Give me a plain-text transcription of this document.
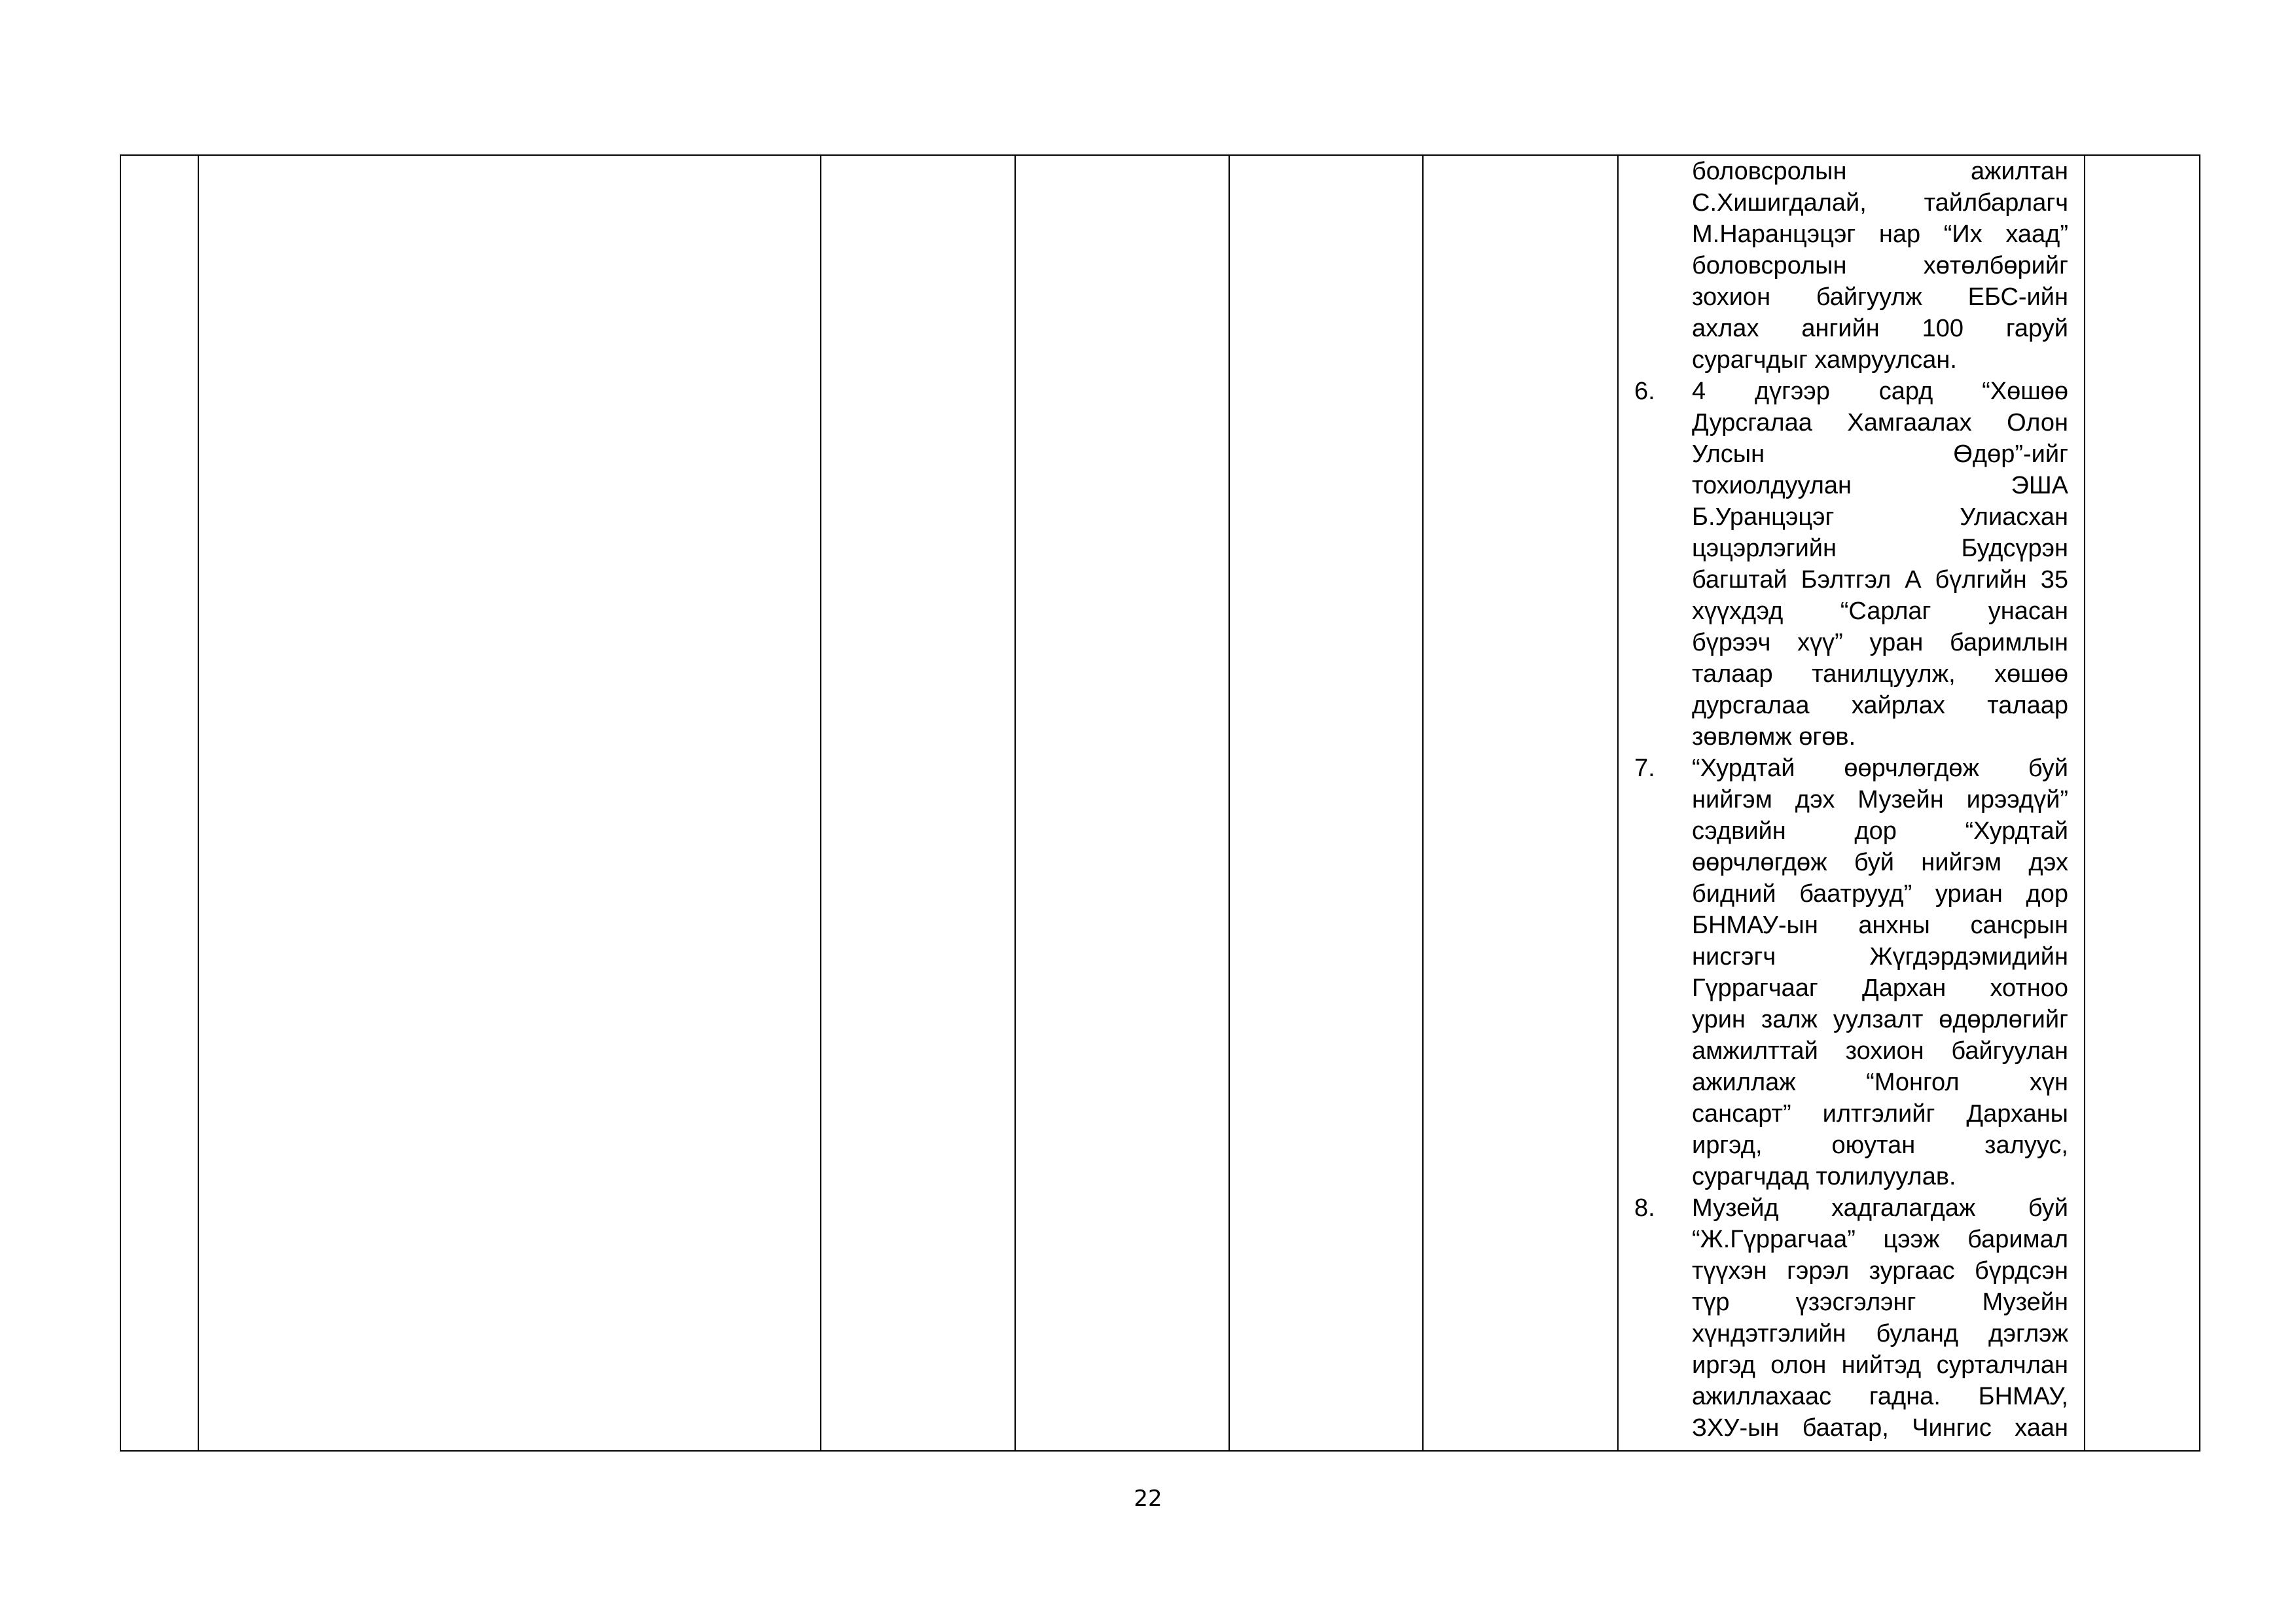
боловсролын ажилтан
С.Хишигдалай, тайлбарлагч
М.Наранцэцэг нар “Их хаад”
боловсролын хөтөлбөрийг
зохион байгуулж ЕБС-ийн
ахлах ангийн 100 гаруй
сурагчдыг хамруулсан.
6.	4 дүгээр сард “Хөшөө
Дурсгалаа Хамгаалах Олон
Улсын Өдөр”-ийг
тохиолдуулан ЭША
Б.Уранцэцэг Улиасхан
цэцэрлэгийн Будсүрэн
багштай Бэлтгэл А бүлгийн 35
хүүхдэд “Сарлаг унасан
бүрээч хүү” уран баримлын
талаар танилцуулж, хөшөө
дурсгалаа хайрлах талаар
зөвлөмж өгөв.
7.	“Хурдтай өөрчлөгдөж буй
нийгэм дэх Музейн ирээдүй”
сэдвийн дор “Хурдтай
өөрчлөгдөж буй нийгэм дэх
бидний баатрууд” уриан дор
БНМАУ-ын анхны сансрын
нисгэгч Жүгдэрдэмидийн
Гүррагчааг Дархан хотноо
урин залж уулзалт өдөрлөгийг
амжилттай зохион байгуулан
ажиллаж “Монгол хүн
сансарт” илтгэлийг Дарханы
иргэд, оюутан залуус,
сурагчдад толилуулав.
8.	Музейд хадгалагдаж буй
“Ж.Гүррагчаа” цээж баримал
түүхэн гэрэл зургаас бүрдсэн
түр үзэсгэлэнг Музейн
хүндэтгэлийн буланд дэглэж
иргэд олон нийтэд сурталчлан
ажиллахаас гадна. БНМАУ,
ЗХУ-ын баатар, Чингис хаан

22
